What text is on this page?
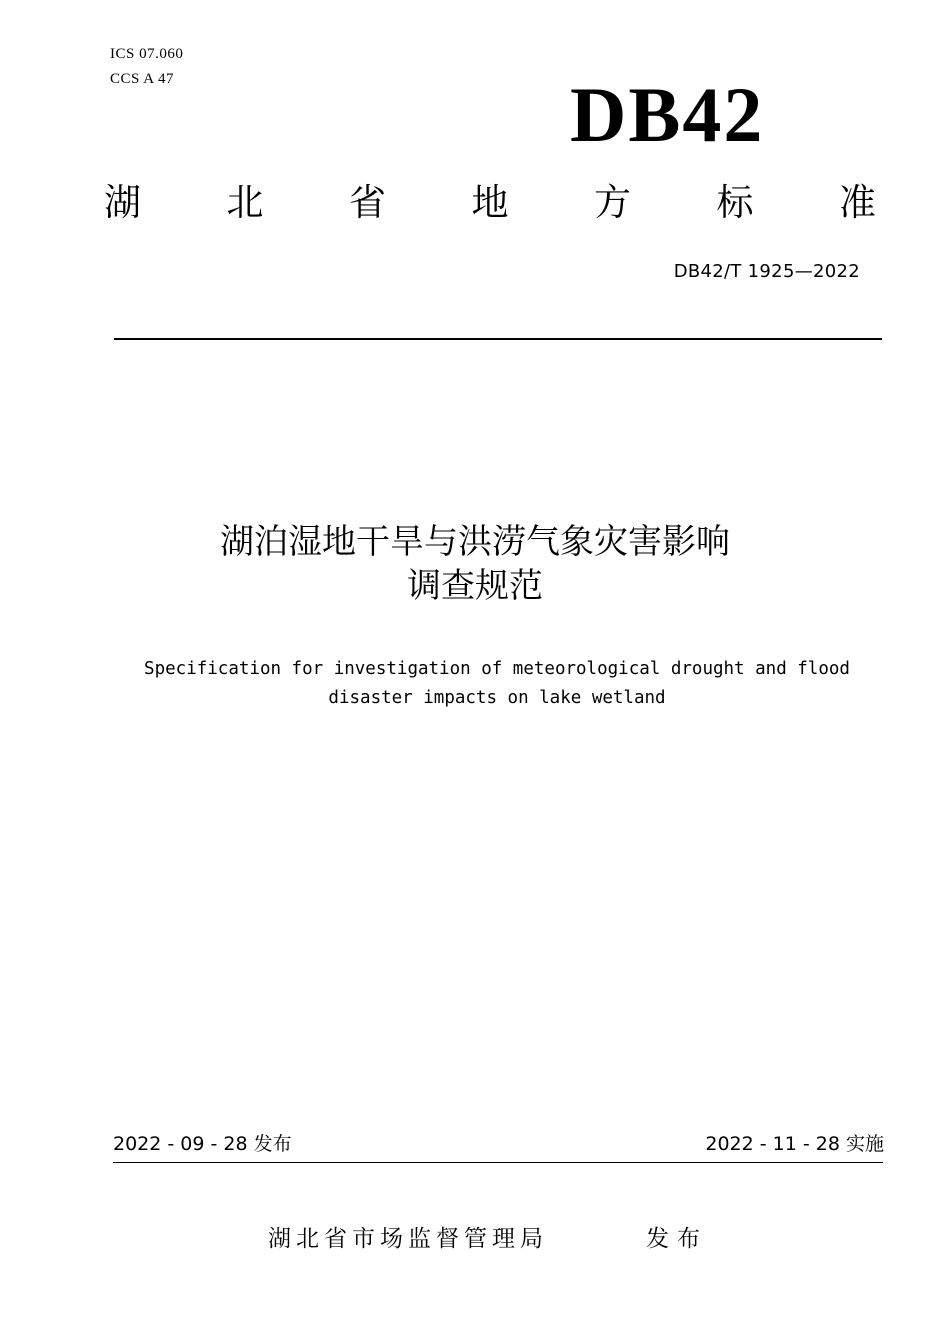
ICS 07.060
CCS A 47	DB42
湖 北 省 地 方 标 准
DB42/T 1925—2022
湖泊湿地干旱与洪涝气象灾害影响
调查规范
Specification for investigation of meteorological drought and flood
disaster impacts on lake wetland
2022 - 09 - 28 发布	2022 - 11 - 28 实施
湖北省市场监督管理局	发布
